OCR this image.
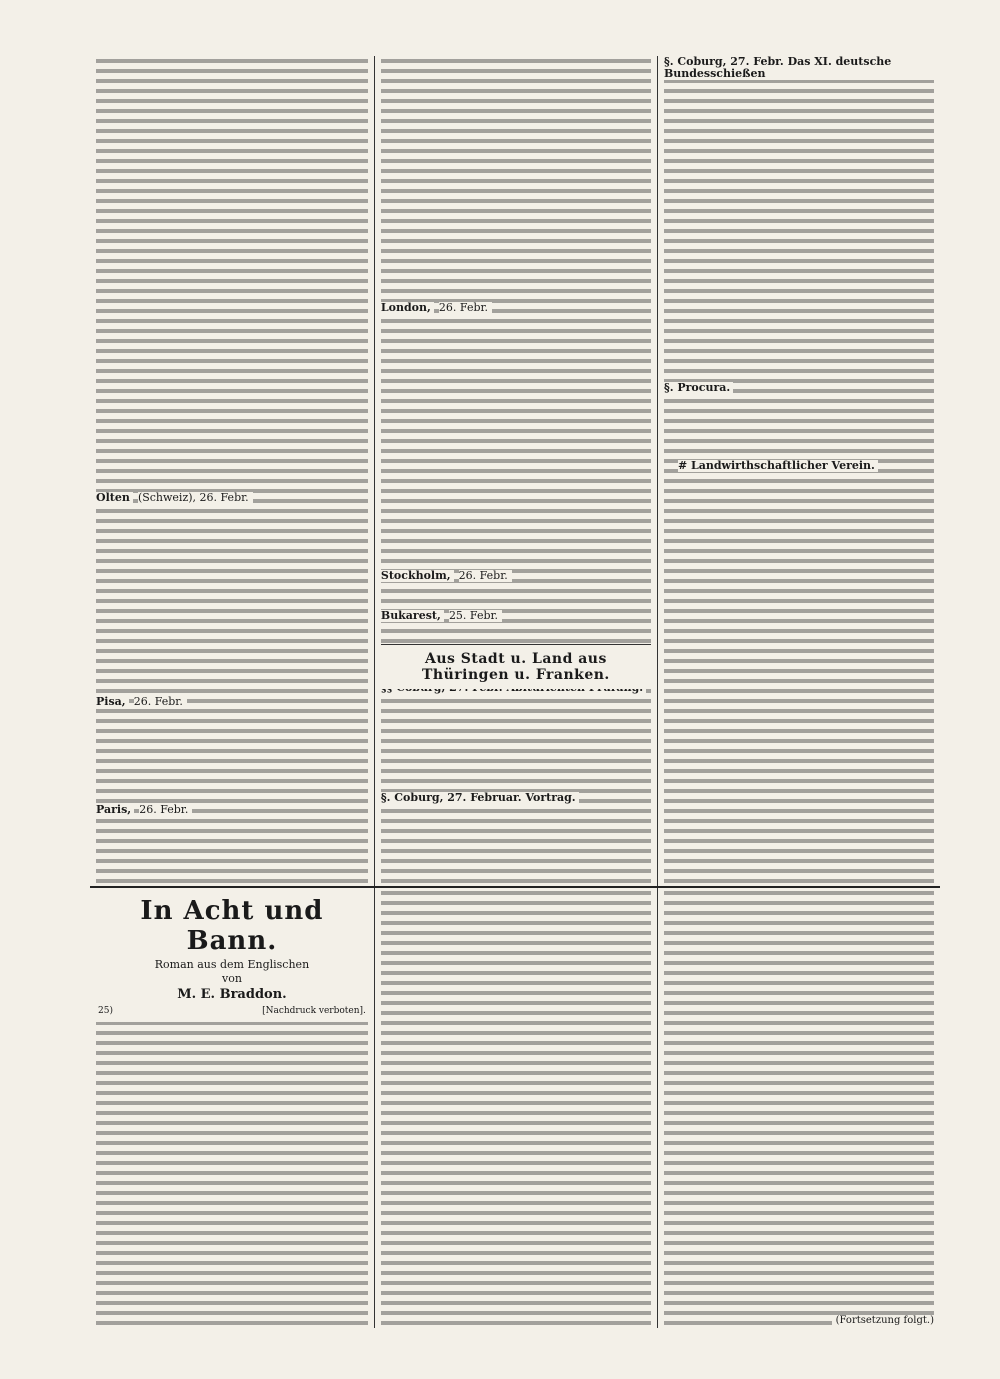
Olten (Schweiz), 26. Febr.
Pisa, 26. Febr.
Paris, 26. Febr.
London, 26. Febr.
Stockholm, 26. Febr.
Bukarest, 25. Febr.
Aus Stadt u. Land aus Thüringen u. Franken.
§. Coburg, 27. Februar. Vortrag.
§. Coburg, 27. Febr. Das XI. deutsche Bundesschießen
§. Procura.
# Landwirthschaftlicher Verein.
In Acht und Bann.
Roman aus dem Englischen
von
M. E. Braddon.
25)	[Nachdruck verboten].
(Fortsetzung folgt.)
